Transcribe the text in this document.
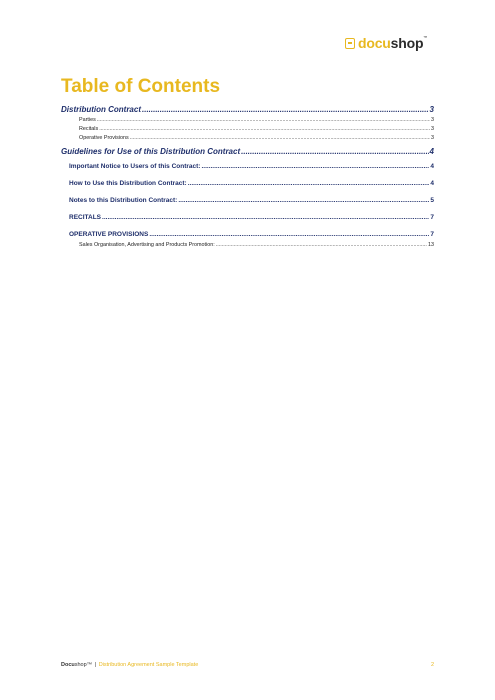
docushop™
Table of Contents
Distribution Contract .....	3
Parties .....	3
Recitals .....	3
Operative Provisions .....	3
Guidelines for Use of this Distribution Contract .....	4
Important Notice to Users of this Contract: .....	4
How to Use this Distribution Contract: .....	4
Notes to this Distribution Contract: .....	5
RECITALS .....	7
OPERATIVE PROVISIONS .....	7
Sales Organisation, Advertising and Products Promotion: .....	13
Docushop™ | Distribution Agreement Sample Template	2
